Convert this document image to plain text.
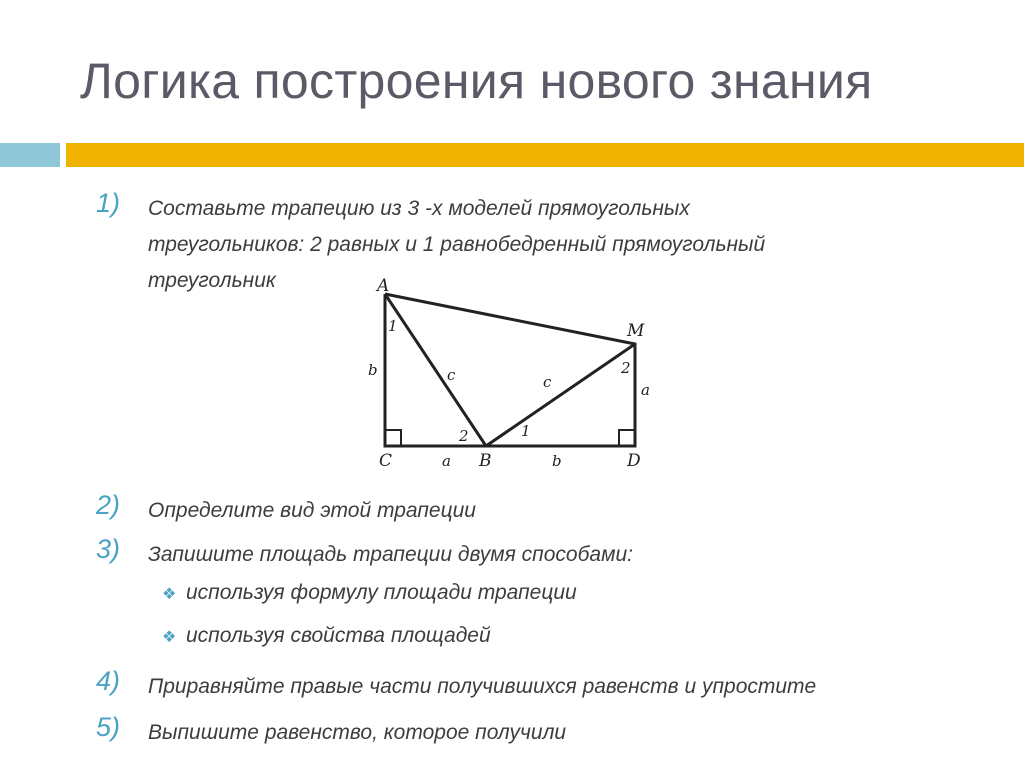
Логика построения нового знания
1) Составьте трапецию из 3 -х моделей прямоугольных
треугольников: 2 равных и 1 равнобедренный прямоугольный
треугольник	A
M
C	B	D
b	c	c	a
a	b
1
2	1
2
2) Определите вид этой трапеции
3) Запишите площадь трапеции двумя способами:
❖ используя формулу площади трапеции
❖ используя свойства площадей
4) Приравняйте правые части получившихся равенств и упростите
5) Выпишите равенство, которое получили
